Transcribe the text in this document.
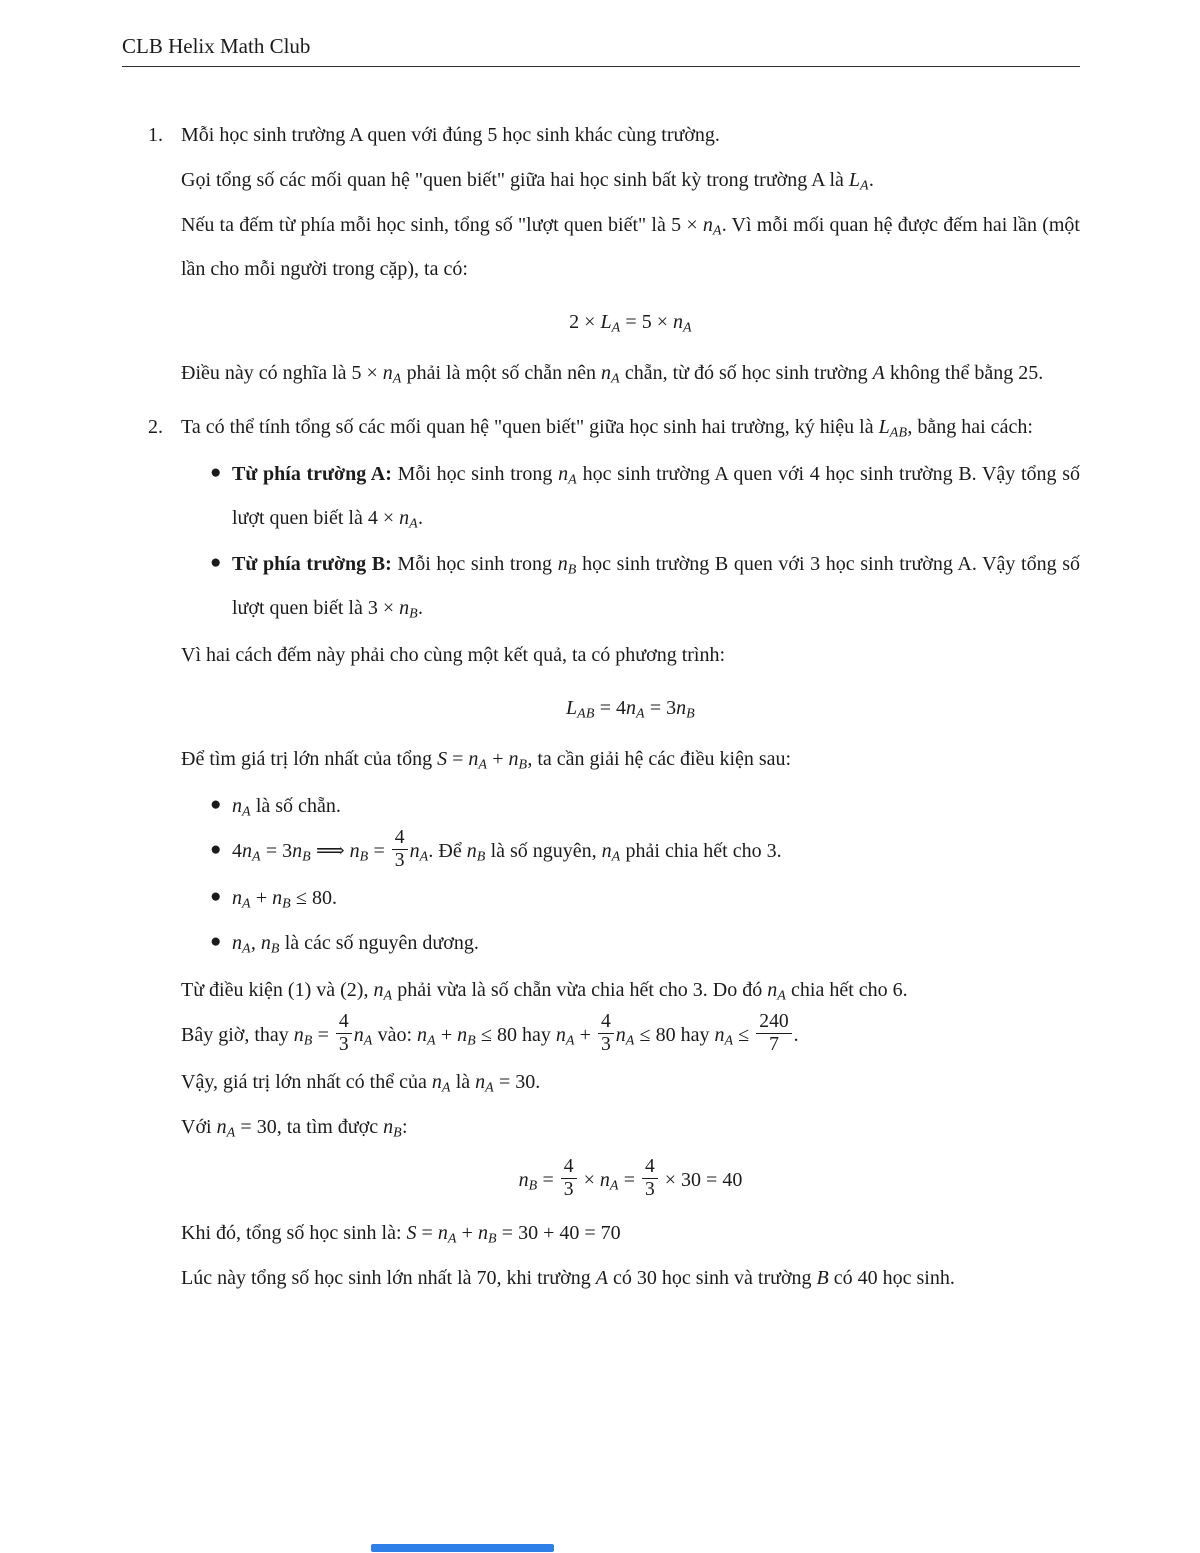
CLB Helix Math Club
1. Mỗi học sinh trường A quen với đúng 5 học sinh khác cùng trường.

Gọi tổng số các mối quan hệ "quen biết" giữa hai học sinh bất kỳ trong trường A là $L_A$.

Nếu ta đếm từ phía mỗi học sinh, tổng số "lượt quen biết" là $5 \times n_A$. Vì mỗi mối quan hệ được đếm hai lần (một lần cho mỗi người trong cặp), ta có:

$2 \times L_A = 5 \times n_A$

Điều này có nghĩa là $5 \times n_A$ phải là một số chẵn nên $n_A$ chẵn, từ đó số học sinh trường A không thể bằng 25.

2. Ta có thể tính tổng số các mối quan hệ "quen biết" giữa học sinh hai trường, ký hiệu là $L_{AB}$, bằng hai cách:

● Từ phía trường A: Mỗi học sinh trong $n_A$ học sinh trường A quen với 4 học sinh trường B. Vậy tổng số lượt quen biết là $4 \times n_A$.
● Từ phía trường B: Mỗi học sinh trong $n_B$ học sinh trường B quen với 3 học sinh trường A. Vậy tổng số lượt quen biết là $3 \times n_B$.

Vì hai cách đếm này phải cho cùng một kết quả, ta có phương trình:

$L_{AB} = 4n_A = 3n_B$

Để tìm giá trị lớn nhất của tổng $S = n_A + n_B$, ta cần giải hệ các điều kiện sau:

● $n_A$ là số chẵn.
● $4n_A = 3n_B$ ⟹ $n_B = \frac{4}{3} n_A$. Để $n_B$ là số nguyên, $n_A$ phải chia hết cho 3.
● $n_A + n_B \le 80$.
● $n_A$, $n_B$ là các số nguyên dương.

Từ điều kiện (1) và (2), $n_A$ phải vừa là số chẵn vừa chia hết cho 3. Do đó $n_A$ chia hết cho 6.

Bây giờ, thay $n_B = \frac{4}{3} n_A$ vào: $n_A + n_B \le 80$ hay $n_A + \frac{4}{3} n_A \le 80$ hay $n_A \le \frac{240}{7}$ .

Vậy, giá trị lớn nhất có thể của $n_A$ là $n_A = 30$.

Với $n_A = 30$, ta tìm được $n_B$:

$n_B = \frac{4}{3} \times n_A = \frac{4}{3} \times 30 = 40$

Khi đó, tổng số học sinh là: $S = n_A + n_B = 30 + 40 = 70$

Lúc này tổng số học sinh lớn nhất là 70, khi trường A có 30 học sinh và trường B có 40 học sinh.
